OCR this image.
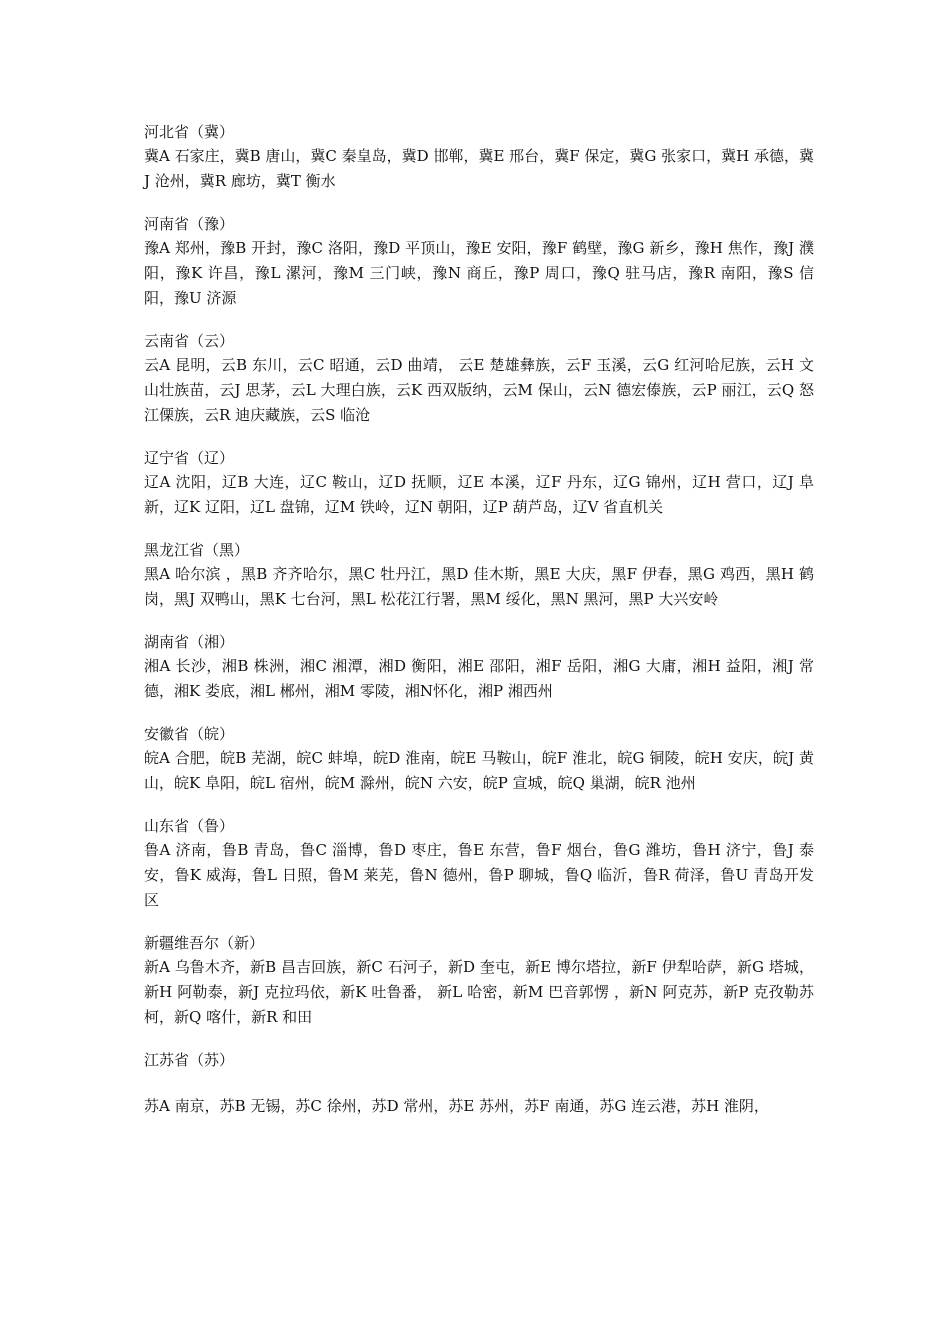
河北省（冀）
冀A 石家庄，冀B 唐山，冀C 秦皇岛，冀D 邯郸，冀E 邢台，冀F 保定，冀G 张家口，冀H 承德，冀J 沧州，冀R 廊坊，冀T 衡水
河南省（豫）
豫A 郑州，豫B 开封，豫C 洛阳，豫D 平顶山，豫E 安阳，豫F 鹤壁，豫G 新乡，豫H 焦作，豫J 濮阳，豫K 许昌，豫L 漯河，豫M 三门峡，豫N 商丘，豫P 周口，豫Q 驻马店，豫R 南阳，豫S 信阳，豫U 济源
云南省（云）
云A 昆明，云B 东川，云C 昭通，云D 曲靖， 云E 楚雄彝族，云F 玉溪，云G 红河哈尼族，云H 文山壮族苗，云J 思茅，云L 大理白族，云K 西双版纳，云M 保山，云N 德宏傣族，云P 丽江，云Q 怒江傈族，云R 迪庆藏族，云S 临沧
辽宁省（辽）
辽A 沈阳，辽B 大连，辽C 鞍山，辽D 抚顺，辽E 本溪，辽F 丹东，辽G 锦州，辽H 营口，辽J 阜新，辽K 辽阳，辽L 盘锦，辽M 铁岭，辽N 朝阳，辽P 葫芦岛，辽V 省直机关
黑龙江省（黑）
黑A 哈尔滨 ，黑B 齐齐哈尔，黑C 牡丹江，黑D 佳木斯，黑E 大庆，黑F 伊春，黑G 鸡西，黑H 鹤岗，黑J 双鸭山，黑K 七台河，黑L 松花江行署，黑M 绥化，黑N 黑河，黑P 大兴安岭
湖南省（湘）
湘A 长沙，湘B 株洲，湘C 湘潭，湘D 衡阳，湘E 邵阳，湘F 岳阳，湘G 大庸，湘H 益阳，湘J 常德，湘K 娄底，湘L 郴州，湘M 零陵，湘N怀化，湘P 湘西州
安徽省（皖）
皖A 合肥，皖B 芜湖，皖C 蚌埠，皖D 淮南，皖E 马鞍山，皖F 淮北，皖G 铜陵，皖H 安庆，皖J 黄山，皖K 阜阳，皖L 宿州，皖M 滁州，皖N 六安，皖P 宣城，皖Q 巢湖，皖R 池州
山东省（鲁）
鲁A 济南，鲁B 青岛，鲁C 淄博，鲁D 枣庄，鲁E 东营，鲁F 烟台，鲁G 潍坊，鲁H 济宁，鲁J 泰安，鲁K 威海，鲁L 日照，鲁M 莱芜，鲁N 德州，鲁P 聊城，鲁Q 临沂，鲁R 荷泽，鲁U 青岛开发区
新疆维吾尔（新）
新A 乌鲁木齐，新B 昌吉回族，新C 石河子，新D 奎屯，新E 博尔塔拉，新F 伊犁哈萨，新G 塔城，新H 阿勒泰，新J 克拉玛依，新K 吐鲁番， 新L 哈密，新M 巴音郭愣 ，新N 阿克苏，新P 克孜勒苏柯，新Q 喀什，新R 和田
江苏省（苏）
苏A 南京，苏B 无锡，苏C 徐州，苏D 常州，苏E 苏州，苏F 南通，苏G 连云港，苏H 淮阴，
